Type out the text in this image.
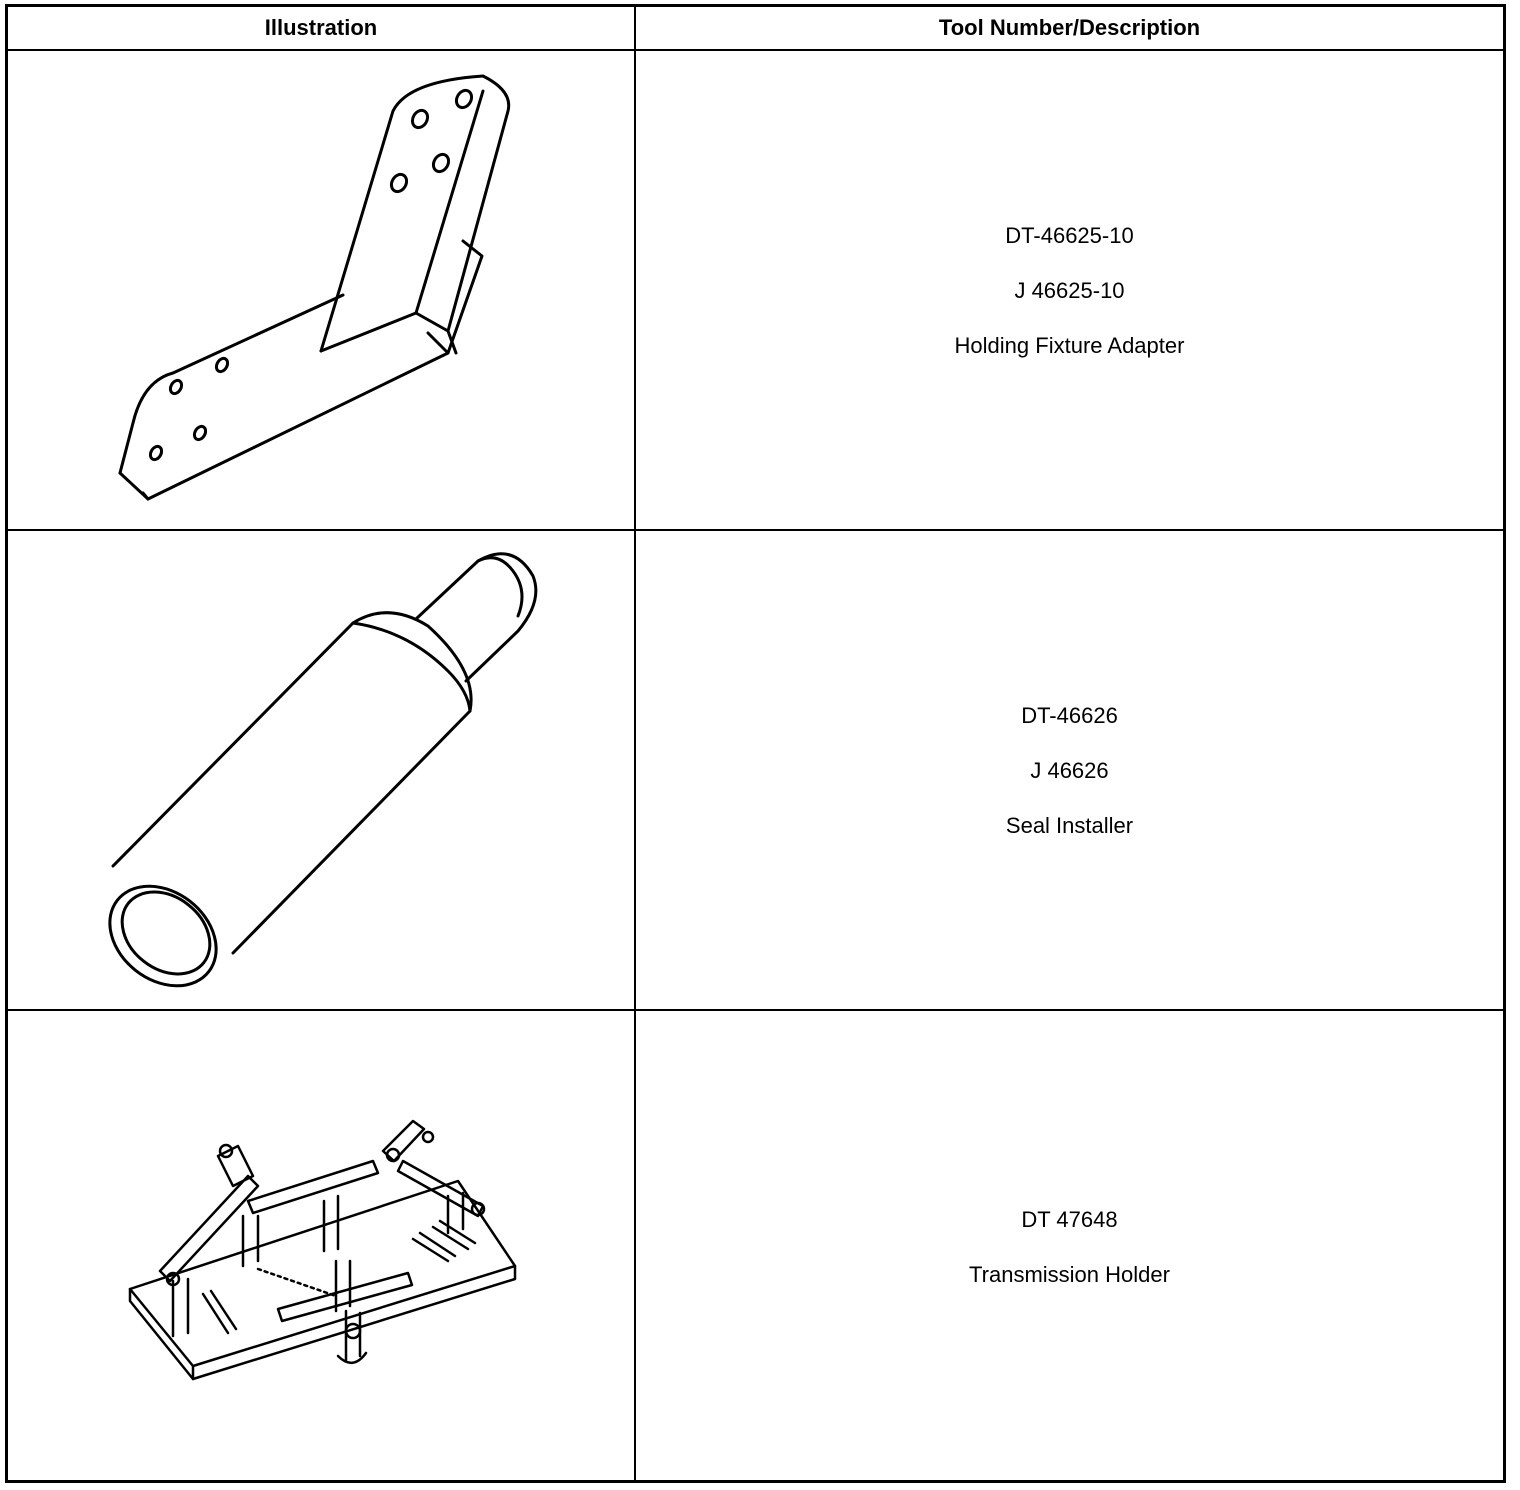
Illustration	Tool Number/Description
DT-46625-10
J 46625-10
Holding Fixture Adapter
DT-46626
J 46626
Seal Installer
DT 47648
Transmission Holder
